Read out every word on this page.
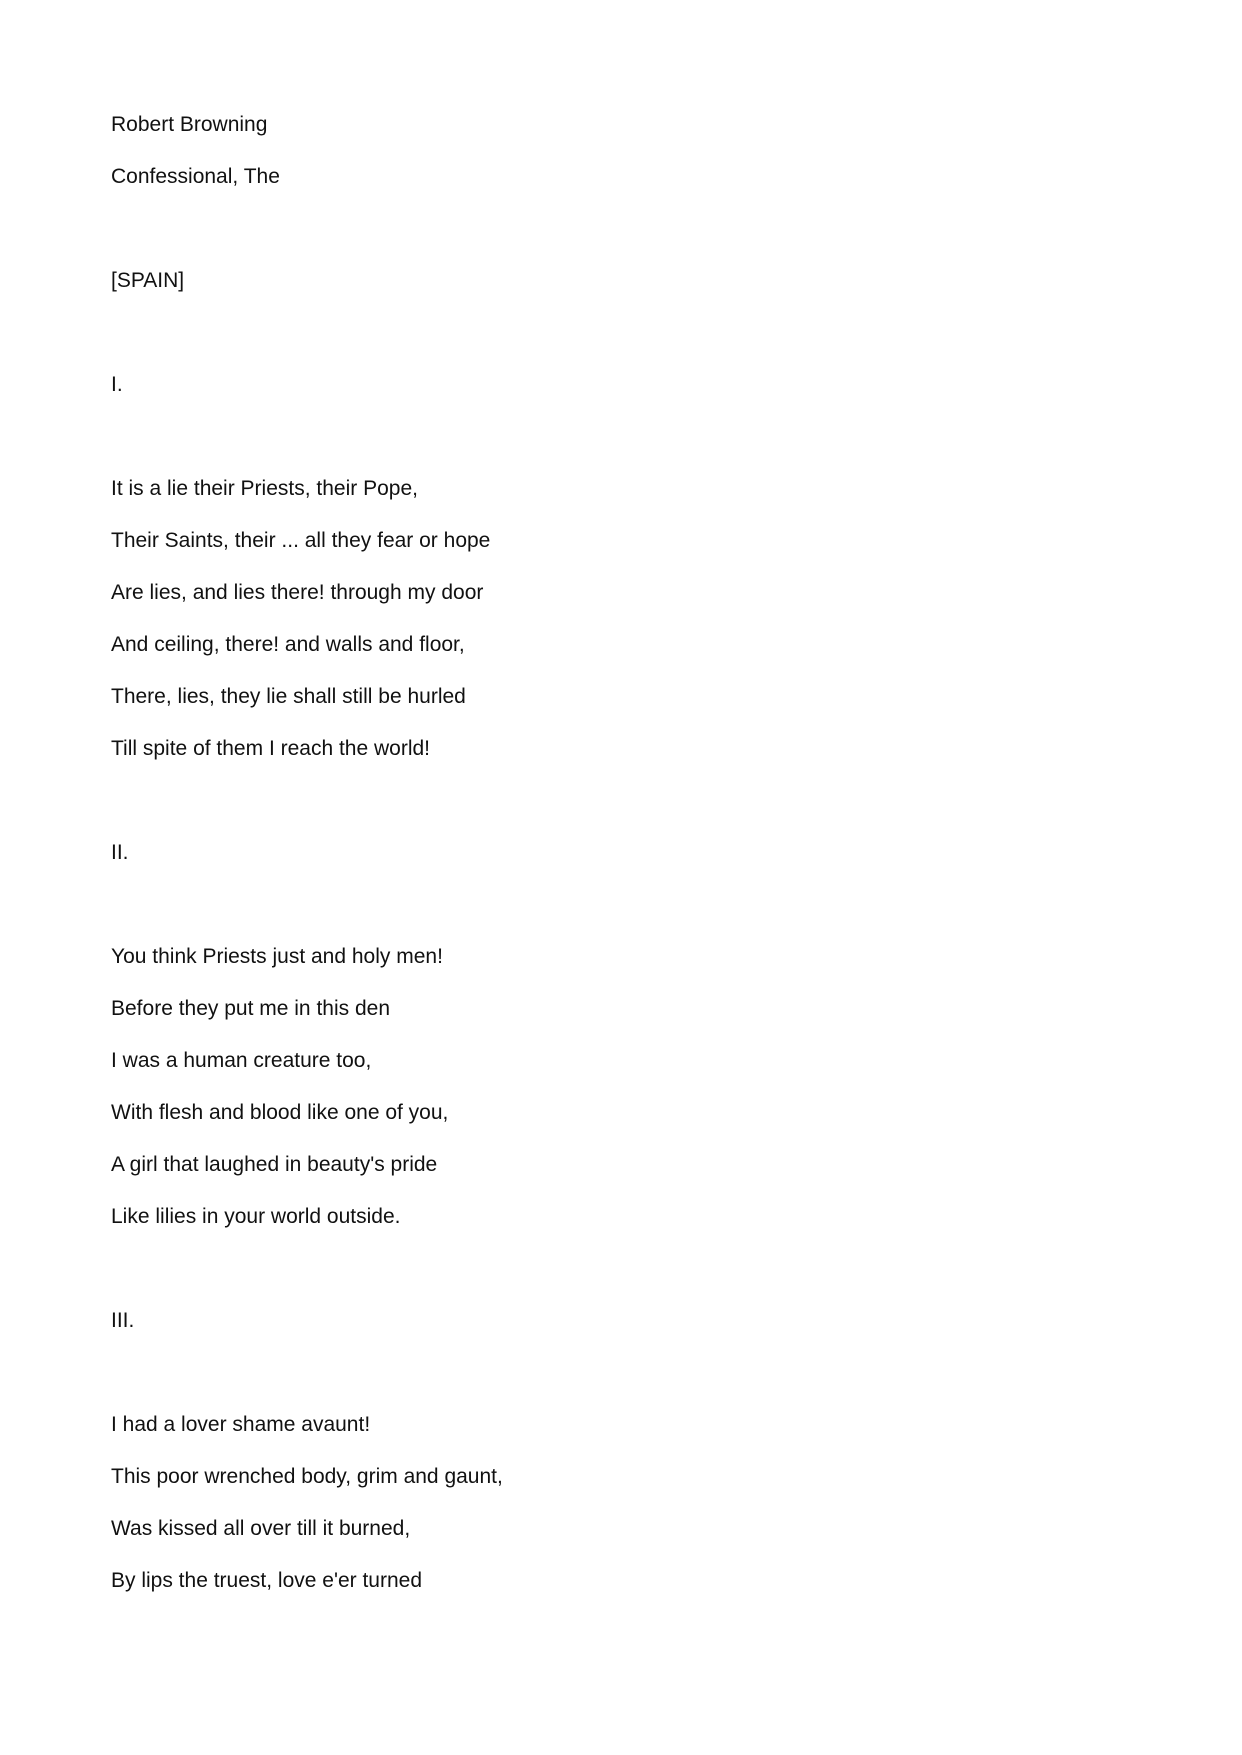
Robert Browning
Confessional, The
[SPAIN]
I.
It is a lie their Priests, their Pope,
Their Saints, their ... all they fear or hope
Are lies, and lies there! through my door
And ceiling, there! and walls and floor,
There, lies, they lie shall still be hurled
Till spite of them I reach the world!
II.
You think Priests just and holy men!
Before they put me in this den
I was a human creature too,
With flesh and blood like one of you,
A girl that laughed in beauty's pride
Like lilies in your world outside.
III.
I had a lover shame avaunt!
This poor wrenched body, grim and gaunt,
Was kissed all over till it burned,
By lips the truest, love e'er turned
